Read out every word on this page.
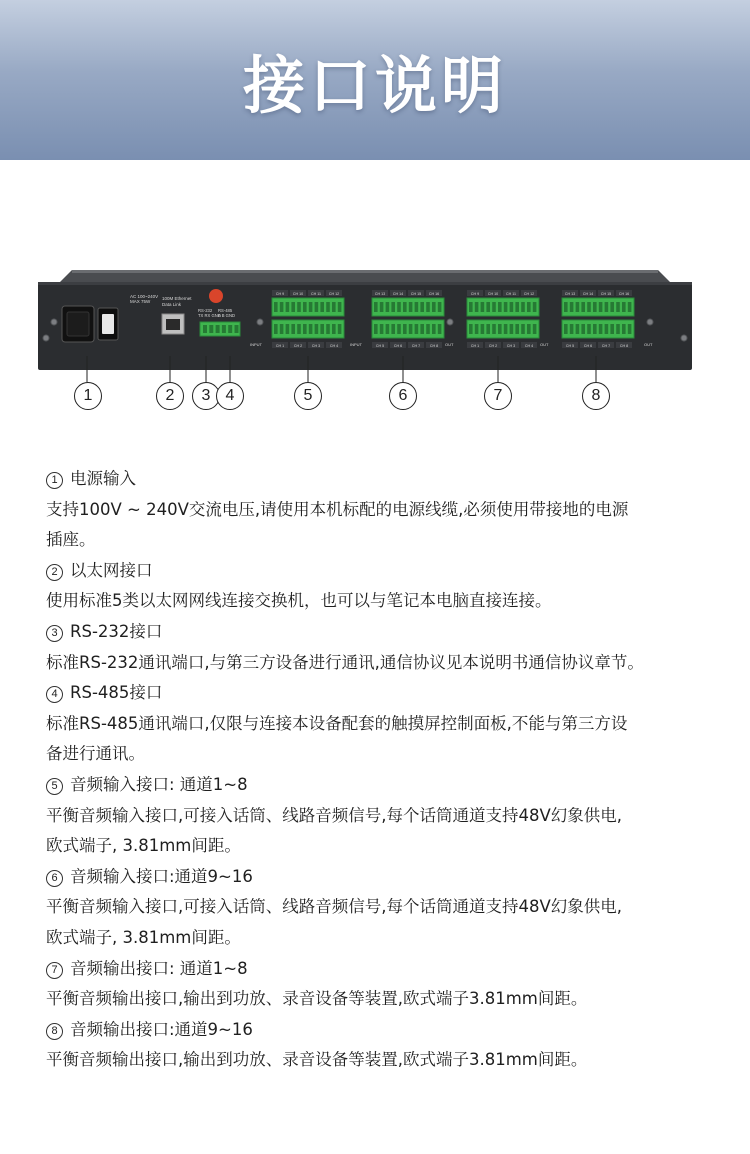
接口说明
AC 100~240V
MAX 75W
100M Ethernet
Data Link
RS-232
TX RX GND
RS-485
A B GND
CH 9 CH 10 CH 11 CH 12
CH 1	CH 2	CH 3	CH 4
INPUT
CH 13 CH 14 CH 15 CH 16
CH 5	CH 6	CH 7	CH 8
INPUT
CH 9 CH 10 CH 11 CH 12
CH 1	CH 2	CH 3	CH 4
OUT
CH 13 CH 14 CH 15 CH 16
CH 5	CH 6	CH 7	CH 8
OUT	OUT
1	2	3 4	5	6	7	8
1 电源输入
支持100V ~ 240V交流电压,请使用本机标配的电源线缆,必须使用带接地的电源
插座。
2 以太网接口
使用标准5类以太网网线连接交换机，也可以与笔记本电脑直接连接。
3 RS-232接口
标准RS-232通讯端口,与第三方设备进行通讯,通信协议见本说明书通信协议章节。
4 RS-485接口
标准RS-485通讯端口,仅限与连接本设备配套的触摸屏控制面板,不能与第三方设
备进行通讯。
5 音频输入接口: 通道1~8
平衡音频输入接口,可接入话筒、线路音频信号,每个话筒通道支持48V幻象供电,
欧式端子, 3.81mm间距。
6 音频输入接口:通道9~16
平衡音频输入接口,可接入话筒、线路音频信号,每个话筒通道支持48V幻象供电,
欧式端子, 3.81mm间距。
7 音频输出接口: 通道1~8
平衡音频输出接口,输出到功放、录音设备等装置,欧式端子3.81mm间距。
8 音频输出接口:通道9~16
平衡音频输出接口,输出到功放、录音设备等装置,欧式端子3.81mm间距。
